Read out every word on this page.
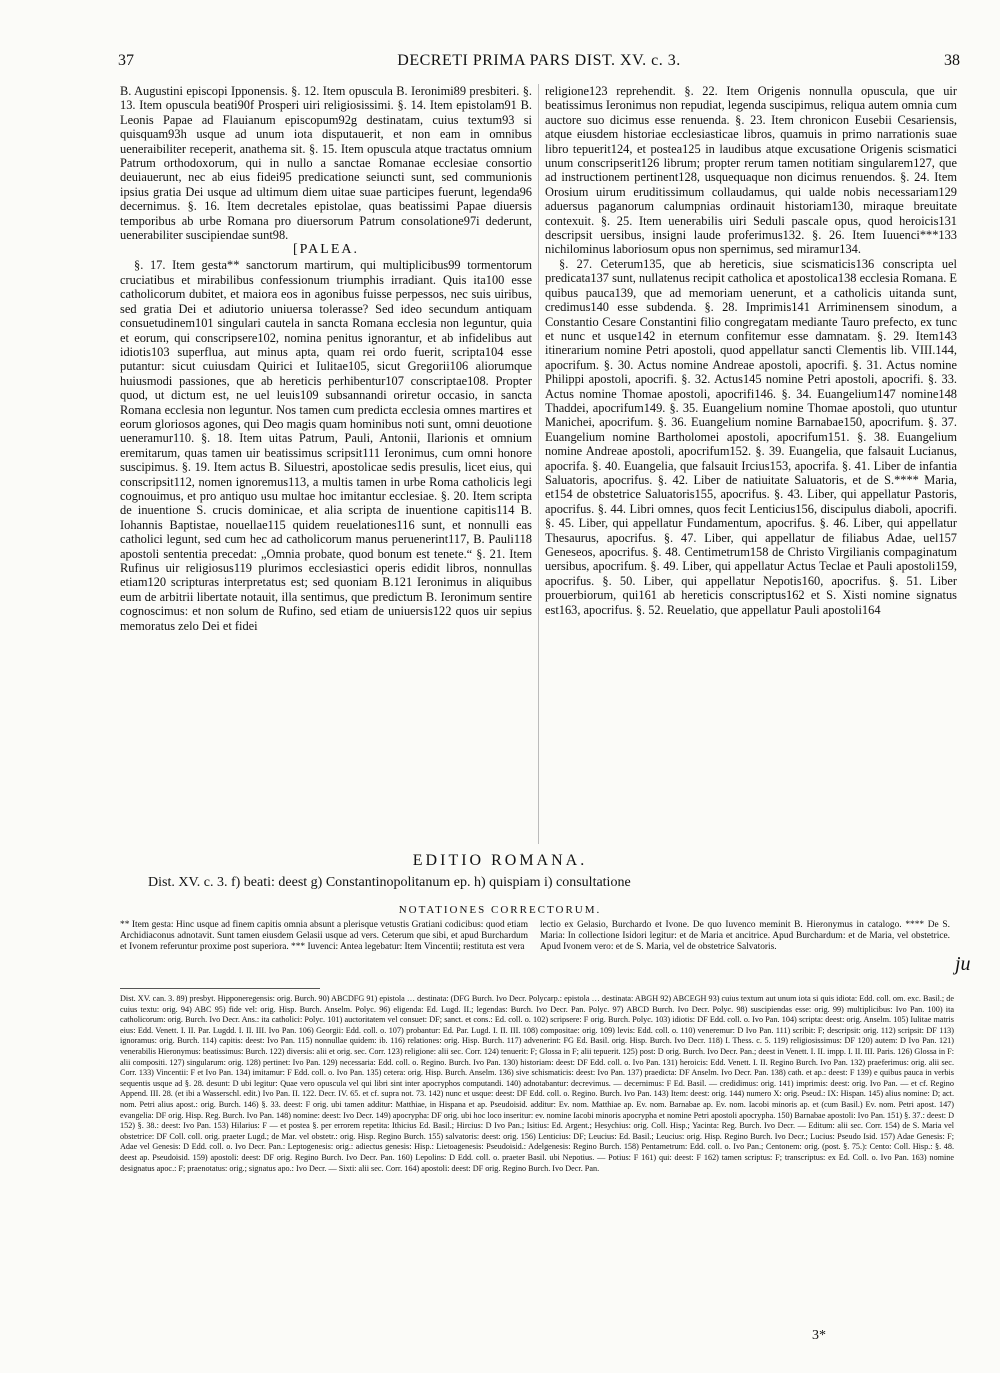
37	DECRETI PRIMA PARS DIST. XV. c. 3.	38

B. Augustini episcopi Ipponensis. §. 12. Item opuscula B. Ieronimi89 presbiteri. §. 13. Item opuscula beati90f Prosperi uiri religiosissimi. §. 14. Item epistolam91 B. Leonis Papae ad Flauianum episcopum92g destinatam, cuius textum93 si quisquam93h usque ad unum iota disputauerit, et non eam in omnibus ueneraibiliter receperit, anathema sit. §. 15. Item opuscula atque tractatus omnium Patrum orthodoxorum, qui in nullo a sanctae Romanae ecclesiae consortio deuiauerunt, nec ab eius fidei95 predicatione seiuncti sunt, sed communionis ipsius gratia Dei usque ad ultimum diem uitae suae participes fuerunt, legenda96 decernimus. §. 16. Item decretales epistolae, quas beatissimi Papae diuersis temporibus ab urbe Romana pro diuersorum Patrum consolatione97i dederunt, uenerabiliter suscipiendae sunt98.

[PALEA.

§. 17. Item gesta** sanctorum martirum, qui multiplicibus99 tormentorum cruciatibus et mirabilibus confessionum triumphis irradiant. Quis ita100 esse catholicorum dubitet, et maiora eos in agonibus fuisse perpessos, nec suis uiribus, sed gratia Dei et adiutorio uniuersa tolerasse? Sed ideo secundum antiquam consuetudinem101 singulari cautela in sancta Romana ecclesia non leguntur, quia et eorum, qui conscripsere102, nomina penitus ignorantur, et ab infidelibus aut idiotis103 superflua, aut minus apta, quam rei ordo fuerit, scripta104 esse putantur: sicut cuiusdam Quirici et Iulitae105, sicut Gregorii106 aliorumque huiusmodi passiones, que ab hereticis perhibentur107 conscriptae108. Propter quod, ut dictum est, ne uel leuis109 subsannandi oriretur occasio, in sancta Romana ecclesia non leguntur. Nos tamen cum predicta ecclesia omnes martires et eorum gloriosos agones, qui Deo magis quam hominibus noti sunt, omni deuotione ueneramur110. §. 18. Item uitas Patrum, Pauli, Antonii, Ilarionis et omnium eremitarum, quas tamen uir beatissimus scripsit111 Ieronimus, cum omni honore suscipimus. §. 19. Item actus B. Siluestri, apostolicae sedis presulis, licet eius, qui conscripsit112, nomen ignoremus113, a multis tamen in urbe Roma catholicis legi cognouimus, et pro antiquo usu multae hoc imitantur ecclesiae. §. 20. Item scripta de inuentione S. crucis dominicae, et alia scripta de inuentione capitis114 B. Iohannis Baptistae, nouellae115 quidem reuelationes116 sunt, et nonnulli eas catholici legunt, sed cum hec ad catholicorum manus peruenerint117, B. Pauli118 apostoli sententia precedat: „Omnia probate, quod bonum est tenete.“ §. 21. Item Rufinus uir religiosus119 plurimos ecclesiastici operis edidit libros, nonnullas etiam120 scripturas interpretatus est; sed quoniam B.121 Ieronimus in aliquibus eum de arbitrii libertate notauit, illa sentimus, que predictum B. Ieronimum sentire cognoscimus: et non solum de Rufino, sed etiam de uniuersis122 quos uir sepius memoratus zelo Dei et fidei

religione123 reprehendit. §. 22. Item Origenis nonnulla opuscula, que uir beatissimus Ieronimus non repudiat, legenda suscipimus, reliqua autem omnia cum auctore suo dicimus esse renuenda. §. 23. Item chronicon Eusebii Cesariensis, atque eiusdem historiae ecclesiasticae libros, quamuis in primo narrationis suae libro tepuerit124, et postea125 in laudibus atque excusatione Origenis scismatici unum conscripserit126 librum; propter rerum tamen notitiam singularem127, que ad instructionem pertinent128, usquequaque non dicimus renuendos. §. 24. Item Orosium uirum eruditissimum collaudamus, qui ualde nobis necessariam129 aduersus paganorum calumpnias ordinauit historiam130, miraque breuitate contexuit. §. 25. Item uenerabilis uiri Seduli pascale opus, quod heroicis131 descripsit uersibus, insigni laude proferimus132. §. 26. Item Iuuenci***133 nichilominus laboriosum opus non spernimus, sed miramur134.

§. 27. Ceterum135, que ab hereticis, siue scismaticis136 conscripta uel predicata137 sunt, nullatenus recipit catholica et apostolica138 ecclesia Romana. E quibus pauca139, que ad memoriam uenerunt, et a catholicis uitanda sunt, credimus140 esse subdenda. §. 28. Imprimis141 Arriminensem sinodum, a Constantio Cesare Constantini filio congregatam mediante Tauro prefecto, ex tunc et nunc et usque142 in eternum confitemur esse damnatam. §. 29. Item143 itinerarium nomine Petri apostoli, quod appellatur sancti Clementis lib. VIII.144, apocrifum. §. 30. Actus nomine Andreae apostoli, apocrifi. §. 31. Actus nomine Philippi apostoli, apocrifi. §. 32. Actus145 nomine Petri apostoli, apocrifi. §. 33. Actus nomine Thomae apostoli, apocrifi146. §. 34. Euangelium147 nomine148 Thaddei, apocrifum149. §. 35. Euangelium nomine Thomae apostoli, quo utuntur Manichei, apocrifum. §. 36. Euangelium nomine Barnabae150, apocrifum. §. 37. Euangelium nomine Bartholomei apostoli, apocrifum151. §. 38. Euangelium nomine Andreae apostoli, apocrifum152. §. 39. Euangelia, que falsauit Lucianus, apocrifa. §. 40. Euangelia, que falsauit Ircius153, apocrifa. §. 41. Liber de infantia Saluatoris, apocrifus. §. 42. Liber de natiuitate Saluatoris, et de S.**** Maria, et154 de obstetrice Saluatoris155, apocrifus. §. 43. Liber, qui appellatur Pastoris, apocrifus. §. 44. Libri omnes, quos fecit Lenticius156, discipulus diaboli, apocrifi. §. 45. Liber, qui appellatur Fundamentum, apocrifus. §. 46. Liber, qui appellatur Thesaurus, apocrifus. §. 47. Liber, qui appellatur de filiabus Adae, uel157 Geneseos, apocrifus. §. 48. Centimetrum158 de Christo Virgilianis compaginatum uersibus, apocrifum. §. 49. Liber, qui appellatur Actus Teclae et Pauli apostoli159, apocrifus. §. 50. Liber, qui appellatur Nepotis160, apocrifus. §. 51. Liber prouerbiorum, qui161 ab hereticis conscriptus162 et S. Xisti nomine signatus est163, apocrifus. §. 52. Reuelatio, que appellatur Pauli apostoli164

EDITIO ROMANA.
Dist. XV. c. 3. f) beati: deest g) Constantinopolitanum ep. h) quispiam i) consultatione
NOTATIONES CORRECTORUM.
** Item gesta: Hinc usque ad finem capitis omnia absunt a plerisque vetustis Gratiani codicibus: quod etiam Archidiaconus adnotavit. Sunt tamen eiusdem Gelasii usque ad vers. Ceterum que sibi, et apud Burchardum et Ivonem referuntur proxime post superiora. *** Iuvenci: Antea legebatur: Item Vincentii; restituta est vera
lectio ex Gelasio, Burchardo et Ivone. De quo Iuvenco meminit B. Hieronymus in catalogo. **** De S. Maria: In collectione Isidori legitur: et de Maria et ancitrice. Apud Burchardum: et de Maria, vel obstetrice. Apud Ivonem vero: et de S. Maria, vel de obstetrice Salvatoris.
ju
Dist. XV. can. 3. 89) presbyt. Hipponeregensis: orig. Burch. 90) ABCDFG 91) epistola … destinata: (DFG Burch. Ivo Decr. Polycarp.: epistola … destinata: ABGH 92) ABCEGH 93) cuius textum aut unum iota si quis idiota: Edd. coll. om. exc. Basil.; de cuius textu: orig. 94) ABC 95) fide vel: orig. Hisp. Burch. Anselm. Polyc. 96) eligenda: Ed. Lugd. II.; legendas: Burch. Ivo Decr. Pan. Polyc. 97) ABCD Burch. Ivo Decr. Polyc. 98) suscipiendas esse: orig. 99) multiplicibus: Ivo Pan. 100) ita catholicorum: orig. Burch. Ivo Decr. Ans.: ita catholici: Polyc. 101) auctoritatem vel consuet: DF; sanct. et cons.: Ed. coll. o. 102) scripsere: F orig. Burch. Polyc. 103) idiotis: DF Edd. coll. o. Ivo Pan. 104) scripta: deest: orig. Anselm. 105) Iulitae matris eius: Edd. Venett. I. II. Par. Lugdd. I. II. III. Ivo Pan. 106) Georgii: Edd. coll. o. 107) probantur: Ed. Par. Lugd. I. II. III. 108) compositae: orig. 109) levis: Edd. coll. o. 110) veneremur: D Ivo Pan. 111) scribit: F; descripsit: orig. 112) scripsit: DF 113) ignoramus: orig. Burch. 114) capitis: deest: Ivo Pan. 115) nonnullae quidem: ib. 116) relationes: orig. Hisp. Burch. 117) advenerint: FG Ed. Basil. orig. Hisp. Burch. Ivo Decr. 118) I. Thess. c. 5. 119) religiosissimus: DF 120) autem: D Ivo Pan. 121) venerabilis Hieronymus: beatissimus: Burch. 122) diversis: alii et orig. sec. Corr. 123) religione: alii sec. Corr. 124) tenuerit: F; Glossa in F; alii tepuerit. 125) post: D orig. Burch. Ivo Decr. Pan.; deest in Venett. I. II. impp. I. II. III. Paris. 126) Glossa in F: alii compositi. 127) singularum: orig. 128) pertinet: Ivo Pan. 129) necessaria: Edd. coll. o. Regino. Burch. Ivo Pan. 130) historiam: deest: DF Edd. coll. o. Ivo Pan. 131) heroicis: Edd. Venett. I. II. Regino Burch. Ivo Pan. 132) praeferimus: orig. alii sec. Corr. 133) Vincentii: F et Ivo Pan. 134) imitamur: F Edd. coll. o. Ivo Pan. 135) cetera: orig. Hisp. Burch. Anselm. 136) sive schismaticis: deest: Ivo Pan. 137) praedicta: DF Anselm. Ivo Decr. Pan. 138) cath. et ap.: deest: F 139) e quibus pauca in verbis sequentis usque ad §. 28. desunt: D ubi legitur: Quae vero opuscula vel qui libri sint inter apocryphos computandi. 140) adnotabantur: decrevimus. — decernimus: F Ed. Basil. — credidimus: orig. 141) imprimis: deest: orig. Ivo Pan. — et cf. Regino Append. III. 28. (et ibi a Wasserschl. edit.) Ivo Pan. II. 122. Decr. IV. 65. et cf. supra not. 73. 142) nunc et usque: deest: DF Edd. coll. o. Regino. Burch. Ivo Pan. 143) Item: deest: orig. 144) numero X: orig. Pseud.: IX: Hispan. 145) alius nomine: D; act. nom. Petri alius apost.: orig. Burch. 146) §. 33. deest: F orig. ubi tamen additur: Matthiae, in Hispana et ap. Pseudoisid. additur: Ev. nom. Matthiae ap. Ev. nom. Barnabae ap. Ev. nom. Iacobi minoris ap. et (cum Basil.) Ev. nom. Petri apost. 147) evangelia: DF orig. Hisp. Reg. Burch. Ivo Pan. 148) nomine: deest: Ivo Decr. 149) apocrypha: DF orig. ubi hoc loco inseritur: ev. nomine Iacobi minoris apocrypha et nomine Petri apostoli apocrypha. 150) Barnabae apostoli: Ivo Pan. 151) §. 37.: deest: D 152) §. 38.: deest: Ivo Pan. 153) Hilarius: F — et postea §. per errorem repetita: Ithicius Ed. Basil.; Hircius: D Ivo Pan.; Isitius: Ed. Argent.; Hesychius: orig. Coll. Hisp.; Yacinta: Reg. Burch. Ivo Decr. — Editum: alii sec. Corr. 154) de S. Maria vel obstetrice: DF Coll. coll. orig. praeter Lugd.; de Mar. vel obstetr.: orig. Hisp. Regino Burch. 155) salvatoris: deest: orig. 156) Lenticius: DF; Leucius: Ed. Basil.; Leucius: orig. Hisp. Regino Burch. Ivo Decr.; Lucius: Pseudo Isid. 157) Adae Genesis: F; Adae vel Genesis: D Edd. coll. o. Ivo Decr. Pan.: Leptogenesis: orig.: adiectus genesis: Hisp.: Lietoagenesis: Pseudoisid.: Adelgenesis: Regino Burch. 158) Pentametrum: Edd. coll. o. Ivo Pan.; Centonem: orig. (post. §. 75.): Cento: Coll. Hisp.: §. 48. deest ap. Pseudoisid. 159) apostoli: deest: DF orig. Regino Burch. Ivo Decr. Pan. 160) Lepolins: D Edd. coll. o. praeter Basil. ubi Nepotius. — Potius: F 161) qui: deest: F 162) tamen scriptus: F; transcriptus: ex Ed. Coll. o. Ivo Pan. 163) nomine designatus apoc.: F; praenotatus: orig.; signatus apo.: Ivo Decr. — Sixti: alii sec. Corr. 164) apostoli: deest: DF orig. Regino Burch. Ivo Decr. Pan.
3*
